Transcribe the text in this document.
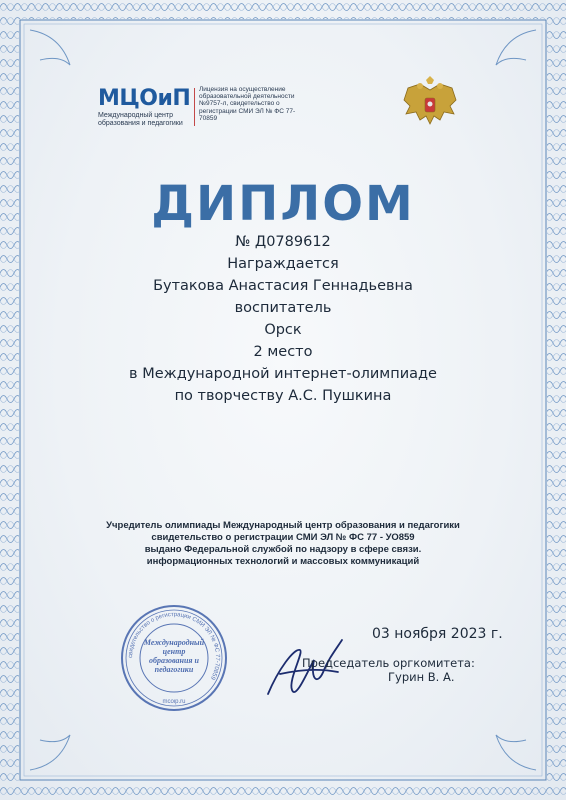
МЦОиП
Международный центр образования и педагогики
Лицензия на осуществление образовательной деятельности №9757-л, свидетельство о регистрации СМИ ЭЛ № ФС 77-70859
ДИПЛОМ
№ Д0789612
Награждается
Бутакова Анастасия Геннадьевна
воспитатель
Орск
2 место
в Международной интернет-олимпиаде
по творчеству А.С. Пушкина
Учредитель олимпиады Международный центр образования и педагогики
свидетельство о регистрации СМИ ЭЛ № ФС 77 - УО859
выдано Федеральной службой по надзору в сфере связи.
информационных технологий и массовых коммуникаций
свидетельство о регистрации СМИ ЭЛ № ФС 77-70859
Международный центр образования и педагогики
mcoip.ru
03 ноября 2023 г.
Председатель оргкомитета:
Гурин В. А.
